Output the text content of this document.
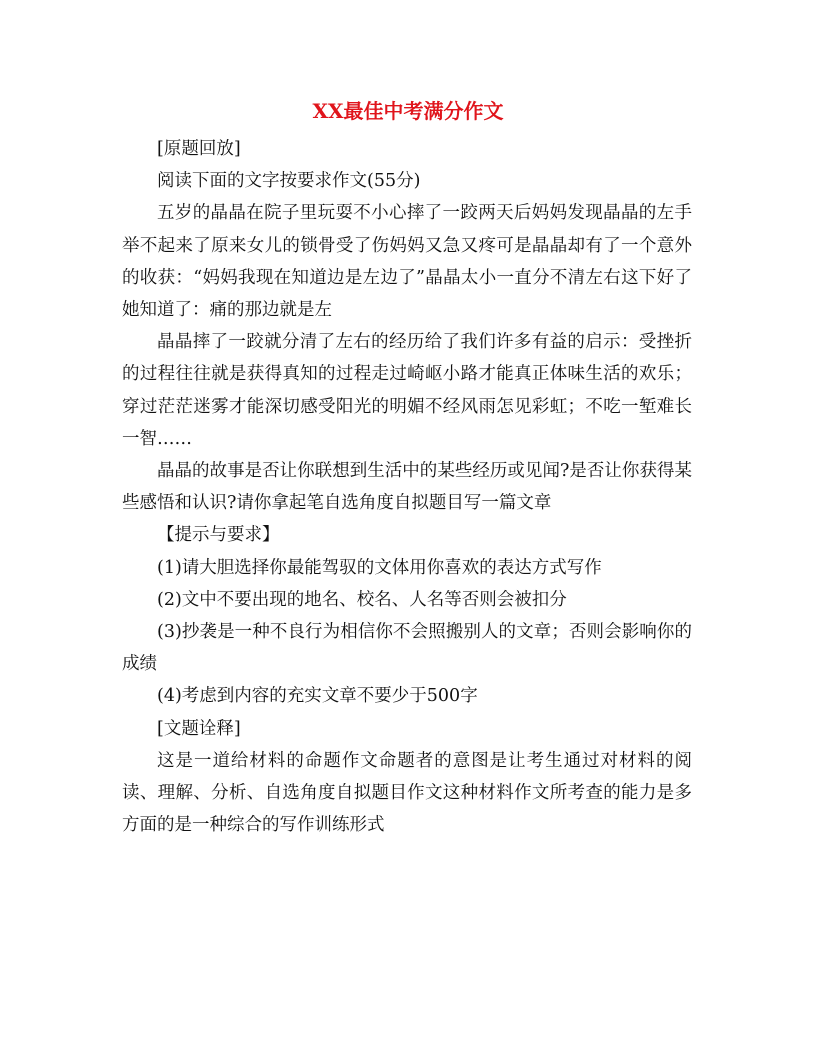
XX最佳中考满分作文

[原题回放]

阅读下面的文字按要求作文(55分)

五岁的晶晶在院子里玩耍不小心摔了一跤两天后妈妈发现晶晶的左手举不起来了原来女儿的锁骨受了伤妈妈又急又疼可是晶晶却有了一个意外的收获：“妈妈我现在知道边是左边了”晶晶太小一直分不清左右这下好了她知道了：痛的那边就是左

晶晶摔了一跤就分清了左右的经历给了我们许多有益的启示：受挫折的过程往往就是获得真知的过程走过崎岖小路才能真正体味生活的欢乐；穿过茫茫迷雾才能深切感受阳光的明媚不经风雨怎见彩虹；不吃一堑难长一智……

晶晶的故事是否让你联想到生活中的某些经历或见闻?是否让你获得某些感悟和认识?请你拿起笔自选角度自拟题目写一篇文章

【提示与要求】

(1)请大胆选择你最能驾驭的文体用你喜欢的表达方式写作

(2)文中不要出现的地名、校名、人名等否则会被扣分

(3)抄袭是一种不良行为相信你不会照搬别人的文章；否则会影响你的成绩

(4)考虑到内容的充实文章不要少于500字

[文题诠释]

这是一道给材料的命题作文命题者的意图是让考生通过对材料的阅读、理解、分析、自选角度自拟题目作文这种材料作文所考查的能力是多方面的是一种综合的写作训练形式
